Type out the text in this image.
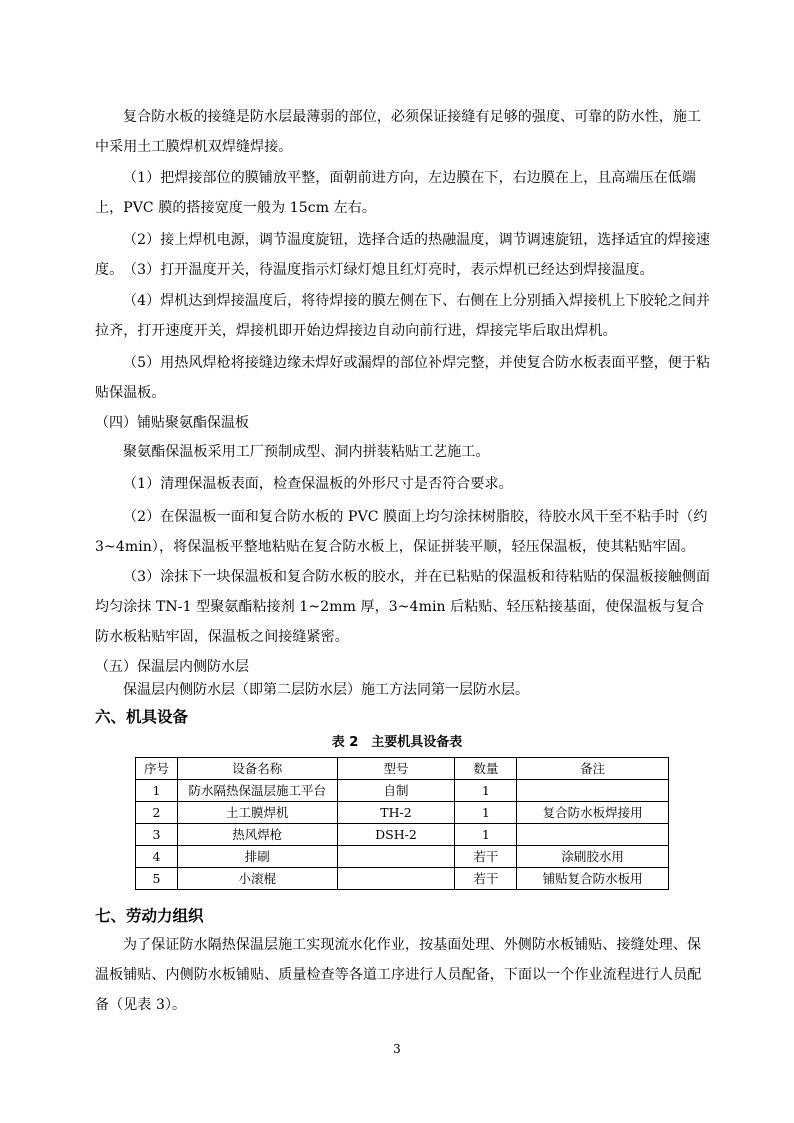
复合防水板的接缝是防水层最薄弱的部位，必须保证接缝有足够的强度、可靠的防水性，施工中采用土工膜焊机双焊缝焊接。

（1）把焊接部位的膜铺放平整，面朝前进方向，左边膜在下，右边膜在上，且高端压在低端上，PVC 膜的搭接宽度一般为 15cm 左右。

（2）接上焊机电源，调节温度旋钮，选择合适的热融温度，调节调速旋钮，选择适宜的焊接速度。 （3）打开温度开关，待温度指示灯绿灯熄且红灯亮时，表示焊机已经达到焊接温度。

（4）焊机达到焊接温度后，将待焊接的膜左侧在下、右侧在上分别插入焊接机上下胶轮之间并拉齐，打开速度开关，焊接机即开始边焊接边自动向前行进，焊接完毕后取出焊机。

（5）用热风焊枪将接缝边缘未焊好或漏焊的部位补焊完整，并使复合防水板表面平整，便于粘贴保温板。

（四）铺贴聚氨酯保温板

聚氨酯保温板采用工厂预制成型、洞内拼装粘贴工艺施工。

（1）清理保温板表面，检查保温板的外形尺寸是否符合要求。

（2）在保温板一面和复合防水板的 PVC 膜面上均匀涂抹树脂胶，待胶水风干至不粘手时（约 3~4min），将保温板平整地粘贴在复合防水板上，保证拼装平顺，轻压保温板，使其粘贴牢固。

（3）涂抹下一块保温板和复合防水板的胶水，并在已粘贴的保温板和待粘贴的保温板接触侧面均匀涂抹 TN-1 型聚氨酯粘接剂 1~2mm 厚，3~4min 后粘贴、轻压粘接基面，使保温板与复合防水板粘贴牢固，保温板之间接缝紧密。

（五）保温层内侧防水层
保温层内侧防水层（即第二层防水层）施工方法同第一层防水层。
六、机具设备
表 2　主要机具设备表
序号	设备名称	型号	数量	备注
1	防水隔热保温层施工平台	自制	1	
2	土工膜焊机	TH-2	1	复合防水板焊接用
3	热风焊枪	DSH-2	1	
4	排刷		若干	涂刷胶水用
5	小滚棍		若干	铺贴复合防水板用
七、劳动力组织

为了保证防水隔热保温层施工实现流水化作业，按基面处理、外侧防水板铺贴、接缝处理、保温板铺贴、内侧防水板铺贴、质量检查等各道工序进行人员配备，下面以一个作业流程进行人员配备（见表 3）。

3
